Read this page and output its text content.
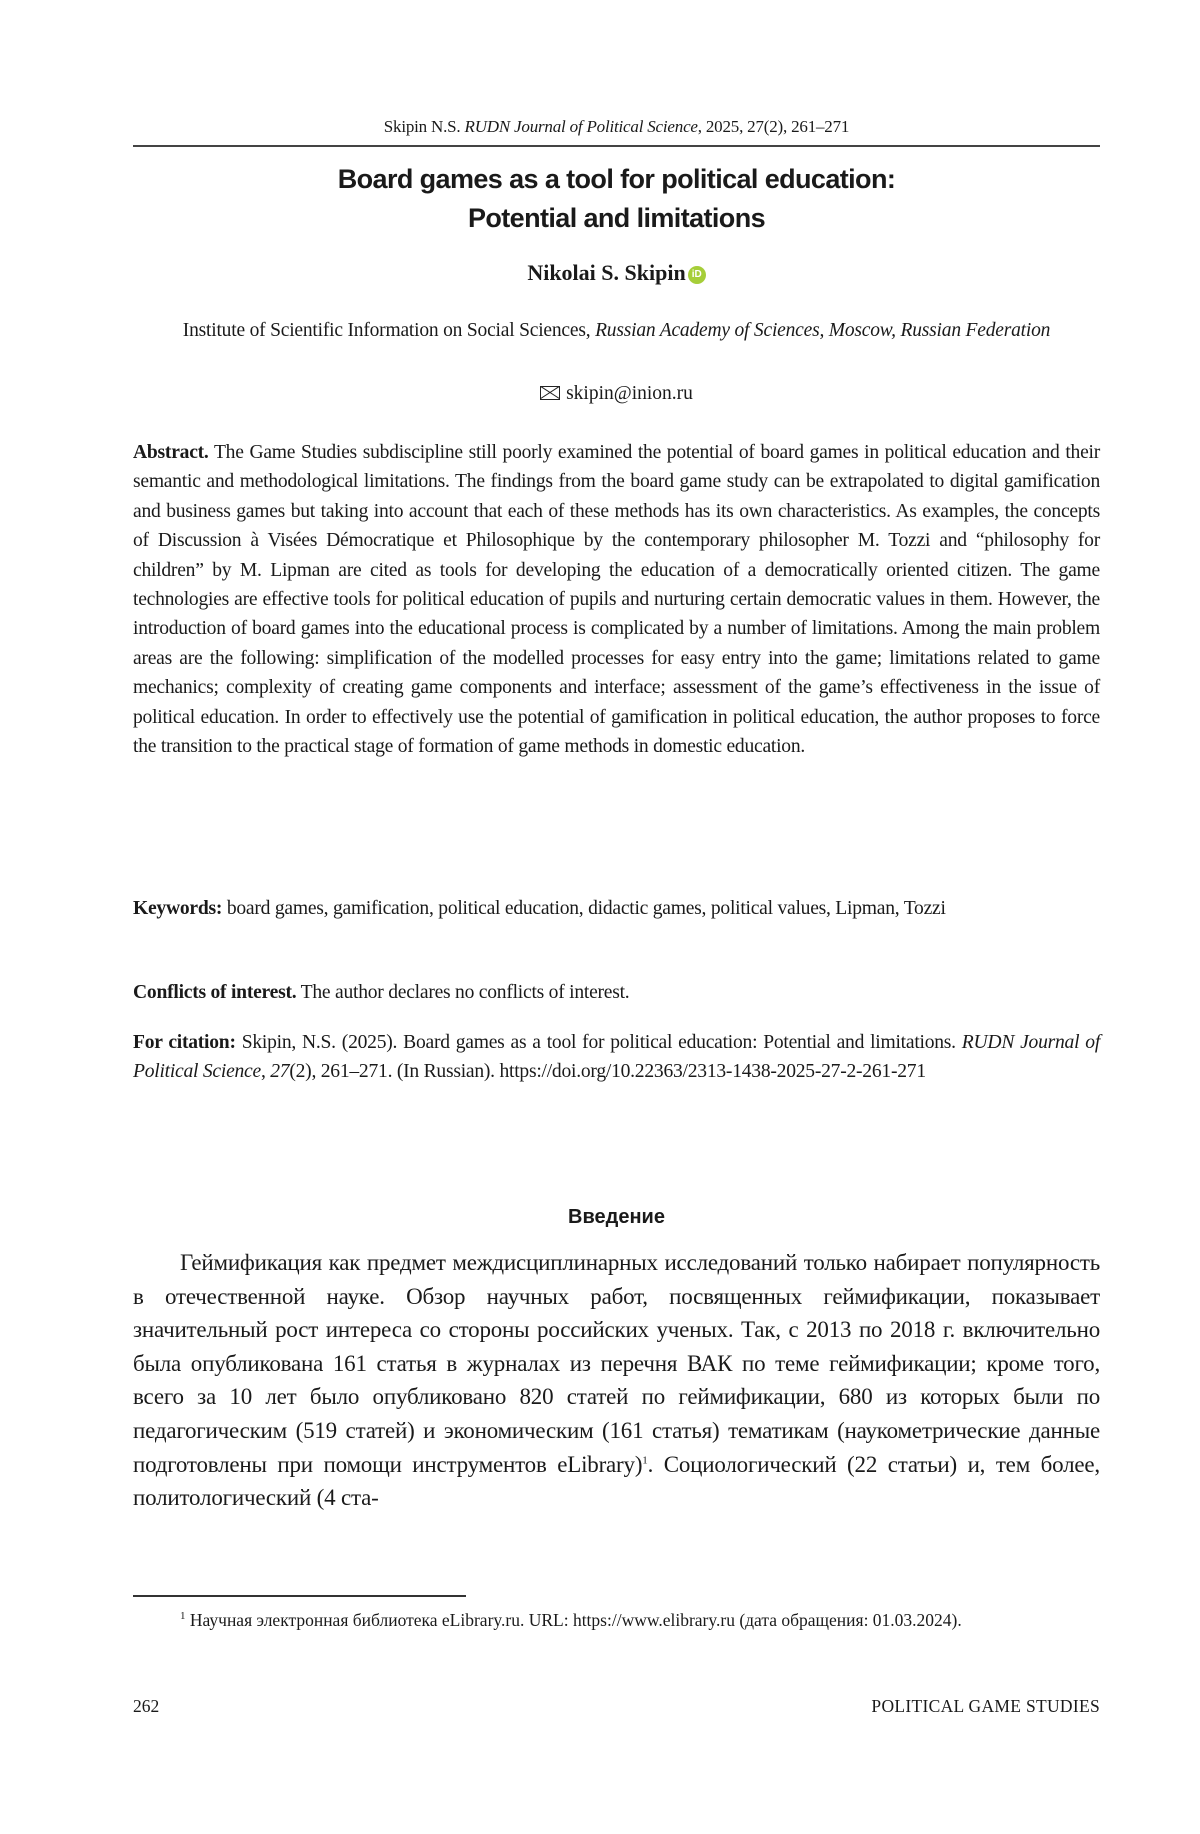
Skipin N.S. RUDN Journal of Political Science, 2025, 27(2), 261–271
Board games as a tool for political education:
Potential and limitations
Nikolai S. Skipin iD
Institute of Scientific Information on Social Sciences, Russian Academy of Sciences, Moscow, Russian Federation
skipin@inion.ru
Abstract. The Game Studies subdiscipline still poorly examined the potential of board games in political education and their semantic and methodological limitations. The findings from the board game study can be extrapolated to digital gamification and business games but taking into account that each of these methods has its own characteristics. As examples, the concepts of Discussion à Visées Démocratique et Philosophique by the contemporary philosopher M. Tozzi and “philosophy for children” by M. Lipman are cited as tools for developing the education of a democratically oriented citizen. The game technologies are effective tools for political education of pupils and nurturing certain democratic values in them. However, the introduction of board games into the educational process is complicated by a number of limitations. Among the main problem areas are the following: simplification of the modelled processes for easy entry into the game; limitations related to game mechanics; complexity of creating game components and interface; assessment of the game’s effectiveness in the issue of political education. In order to effectively use the potential of gamification in political education, the author proposes to force the transition to the practical stage of formation of game methods in domestic education.
Keywords: board games, gamification, political education, didactic games, political values, Lipman, Tozzi
Conflicts of interest. The author declares no conflicts of interest.
For citation: Skipin, N.S. (2025). Board games as a tool for political education: Potential and limitations. RUDN Journal of Political Science, 27(2), 261–271. (In Russian). https://doi.org/10.22363/2313-1438-2025-27-2-261-271
Введение
Геймификация как предмет междисциплинарных исследований только набирает популярность в отечественной науке. Обзор научных работ, посвященных геймификации, показывает значительный рост интереса со стороны российских ученых. Так, с 2013 по 2018 г. включительно была опубликована 161 статья в журналах из перечня ВАК по теме геймификации; кроме того, всего за 10 лет было опубликовано 820 статей по геймификации, 680 из которых были по педагогическим (519 статей) и экономическим (161 статья) тематикам (наукометрические данные подготовлены при помощи инструментов eLibrary)$^1$. Социологический (22 статьи) и, тем более, политологический (4 ста-
$^1$ Научная электронная библиотека eLibrary.ru. URL: https://www.elibrary.ru (дата обращения: 01.03.2024).
262	POLITICAL GAME STUDIES
